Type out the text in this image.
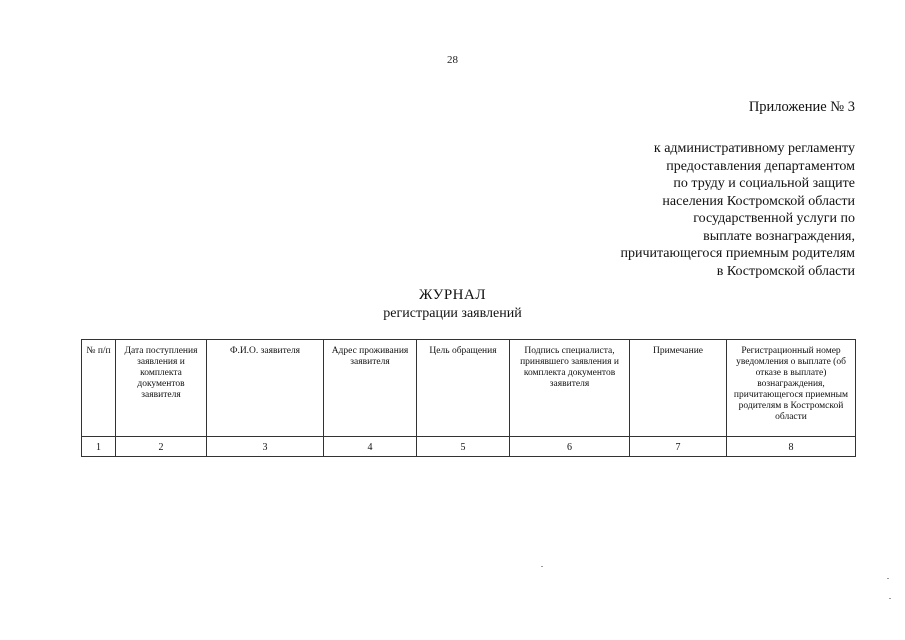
28
Приложение № 3
к административному регламенту
предоставления департаментом
по труду и социальной защите
населения Костромской области
государственной услуги по
выплате вознаграждения,
причитающегося приемным родителям
в Костромской области
ЖУРНАЛ
регистрации заявлений
№ п/п	Дата поступления заявления и комплекта документов заявителя	Ф.И.О. заявителя	Адрес проживания заявителя	Цель обращения	Подпись специалиста, принявшего заявления и комплекта документов заявителя	Примечание	Регистрационный номер уведомления о выплате (об отказе в выплате) вознаграждения, причитающегося приемным родителям в Костромской области
1	2	3	4	5	6	7	8
